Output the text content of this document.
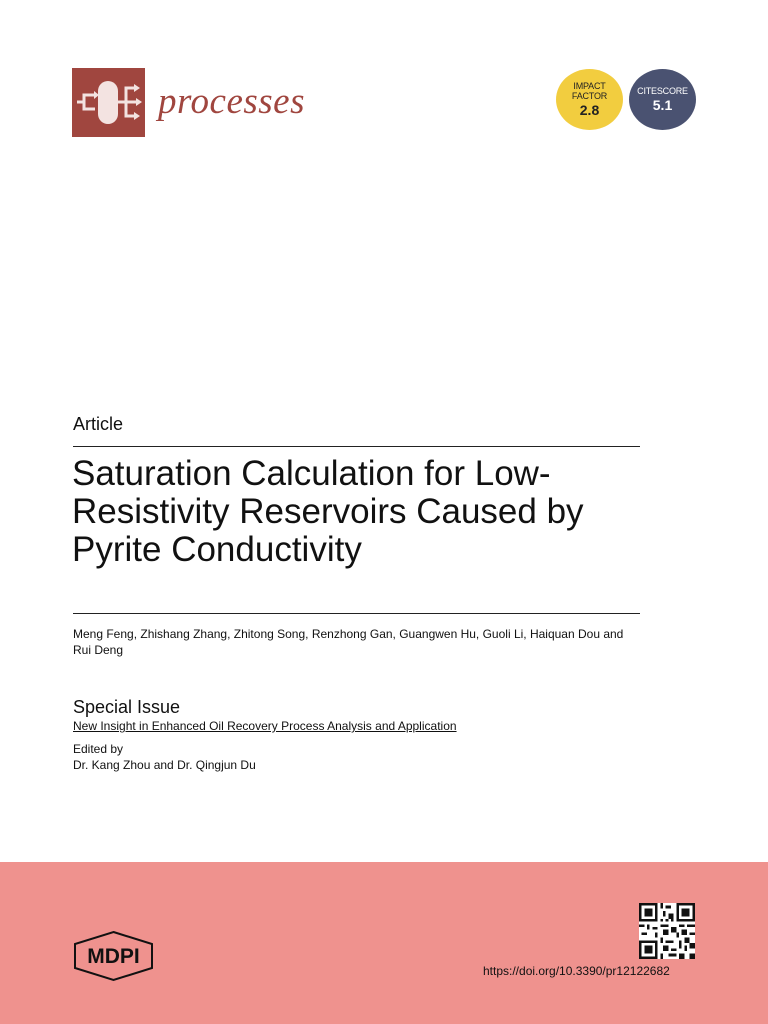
processes	IMPACT
FACTOR
2.8
CITESCORE
5.1
Article
Saturation Calculation for Low-Resistivity Reservoirs Caused by Pyrite Conductivity
Meng Feng, Zhishang Zhang, Zhitong Song, Renzhong Gan, Guangwen Hu, Guoli Li, Haiquan Dou and Rui Deng
Special Issue
New Insight in Enhanced Oil Recovery Process Analysis and Application
Edited by
Dr. Kang Zhou and Dr. Qingjun Du
MDPI
https://doi.org/10.3390/pr12122682
